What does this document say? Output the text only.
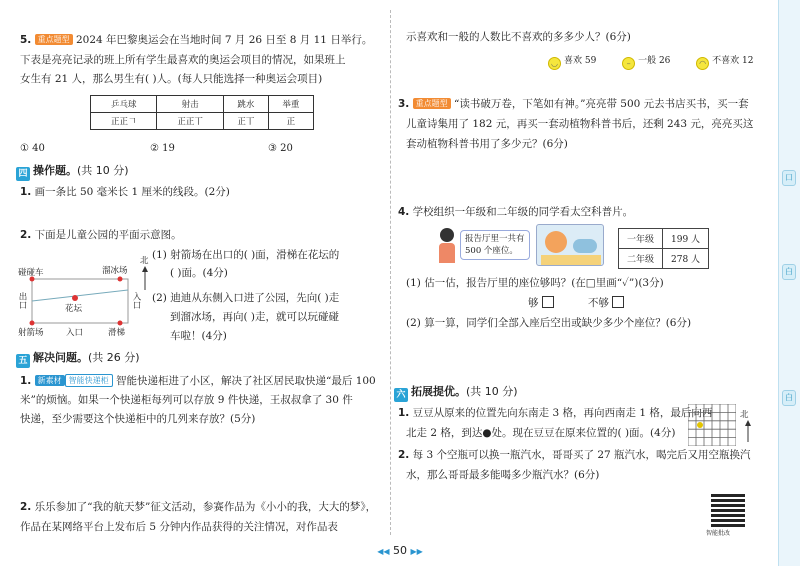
5. 重点题型 2024 年巴黎奥运会在当地时间 7 月 26 日至 8 月 11 日举行。
下表是亮亮记录的班上所有学生最喜欢的奥运会项目的情况，如果班上
女生有 21 人，那么男生有( )人。(每人只能选择一种奥运会项目)
乒乓球	射击	跳水	举重
正正𠃍	正正丅	正丅	正
① 40	② 19	③ 20
四 操作题。(共 10 分)
1. 画一条比 50 毫米长 1 厘米的线段。(2分)
2. 下面是儿童公园的平面示意图。
(1) 射箭场在出口的( )面，滑梯在花坛的
( )面。(4分)
(2) 迪迪从东侧入口进了公园，先向( )走
到溜冰场，再向( )走，就可以玩碰碰
车啦！(4分)
碰碰车	溜冰场
射箭场	滑梯
花坛
出口
入口
入口
北
五 解决问题。(共 26 分)
1. 新素材 智能快递柜 智能快递柜进了小区，解决了社区居民取快递“最后 100
米”的烦恼。如果一个快递柜每列可以存放 9 件快递，王叔叔拿了 30 件
快递，至少需要这个快递柜中的几列来存放？(5分)
2. 乐乐参加了“我的航天梦”征文活动，参赛作品为《小小的我，大大的梦》，
作品在某网络平台上发布后 5 分钟内作品获得的关注情况，对作品表
示喜欢和一般的人数比不喜欢的多多少人？(6分)
◡ 喜欢 59	– 一般 26	◠ 不喜欢 12
3. 重点题型 “读书破万卷，下笔如有神。”亮亮带 500 元去书店买书，买一套
儿童诗集用了 182 元，再买一套动植物科普书后，还剩 243 元，亮亮买这
套动植物科普书用了多少元？(6分)
4. 学校组织一年级和二年级的同学看太空科普片。
报告厅里一共有
500 个座位。
一年级	199 人
二年级	278 人
(1) 估一估，报告厅里的座位够吗？(在□里画“✓”)(3分)
够	不够
(2) 算一算，同学们全部入座后空出或缺少多少个座位？(6分)
六 拓展提优。(共 10 分)
1. 豆豆从原来的位置先向东南走 3 格，再向西南走 1 格，最后向西
北走 2 格，到达●处。现在豆豆在原来位置的( )面。(4分)
北
2. 每 3 个空瓶可以换一瓶汽水，哥哥买了 27 瓶汽水，喝完后又用空瓶换汽
水，那么哥哥最多能喝多少瓶汽水？(6分)
智能批改
口
白
白
◀◀ 50 ▶▶
